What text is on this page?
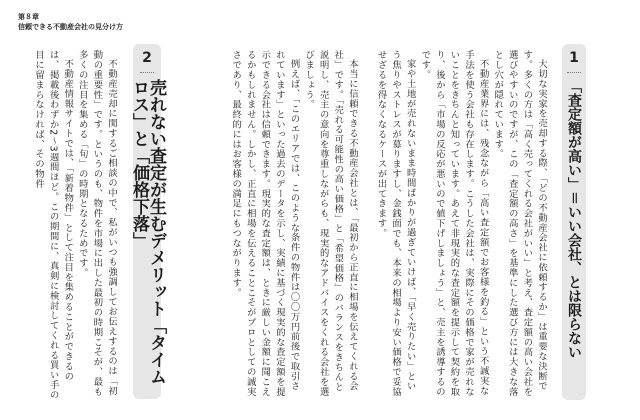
第８章
信頼できる不動産会社の見分け方
1
「査定額が高い」＝いい会社、とは限らない

大切な実家を売却する際、「どの不動産会社に依頼するか」は重要な決断です。多くの方は「高く売ってくれる会社がいい」と考え、査定額の高い会社を選びやすいのですが、この「査定額の高さ」を基準にした選び方には大きな落とし穴が隠れています。

不動産業界には、残念ながら「高い査定額でお客様を釣る」という不誠実な手法を使う会社も存在します。こうした会社は、実際にその価格で家が売れないことをきちんと知っています。あえて非現実的な査定額を提示して契約を取り、後から「市場の反応が悪いので値下げしましょう」と、売主を誘導するのです。

家や土地が売れないまま時間ばかりが過ぎていけば、「早く売りたい」という焦りやストレスが募りますし、金銭面でも、本来の相場より安い価格で妥協せざるを得なくなるケースが出てきます。

本当に信頼できる不動産会社とは、「最初から正直に相場を伝えてくれる会社」です。「売れる可能性の高い価格」と「希望価格」のバランスをきちんと説明し、売主の意向を尊重しながらも、現実的なアドバイスをくれる会社を選びましょう。

例えば、「このエリアでは、このような条件の物件は〇〇万円前後で取引されています」といった過去のデータを示し、実績に基づく現実的な査定額を提示できる会社は信頼できます。現実的な査定額は、ときに厳しい金額に聞こえるかもしれません。しかし、正直に相場を伝えることこそがプロとしての誠実さであり、最終的にはお客様の満足にもつながります。

2
売れない査定が生むデメリット「タイムロス」と「価格下落」

不動産売却に関するご相談の中で、私がいつも強調してお伝えするのは「初動の重要性」です。というのも、物件を市場に出した最初の時期こそが、最も多くの注目を集める「旬」の時期となるためです。

不動産情報サイトでは、「新着物件」として注目を集めることができるのは、掲載後わずか2〜3週間ほど。この期間に、真剣に検討してくれる買い手の目に留まらなければ、その物件
